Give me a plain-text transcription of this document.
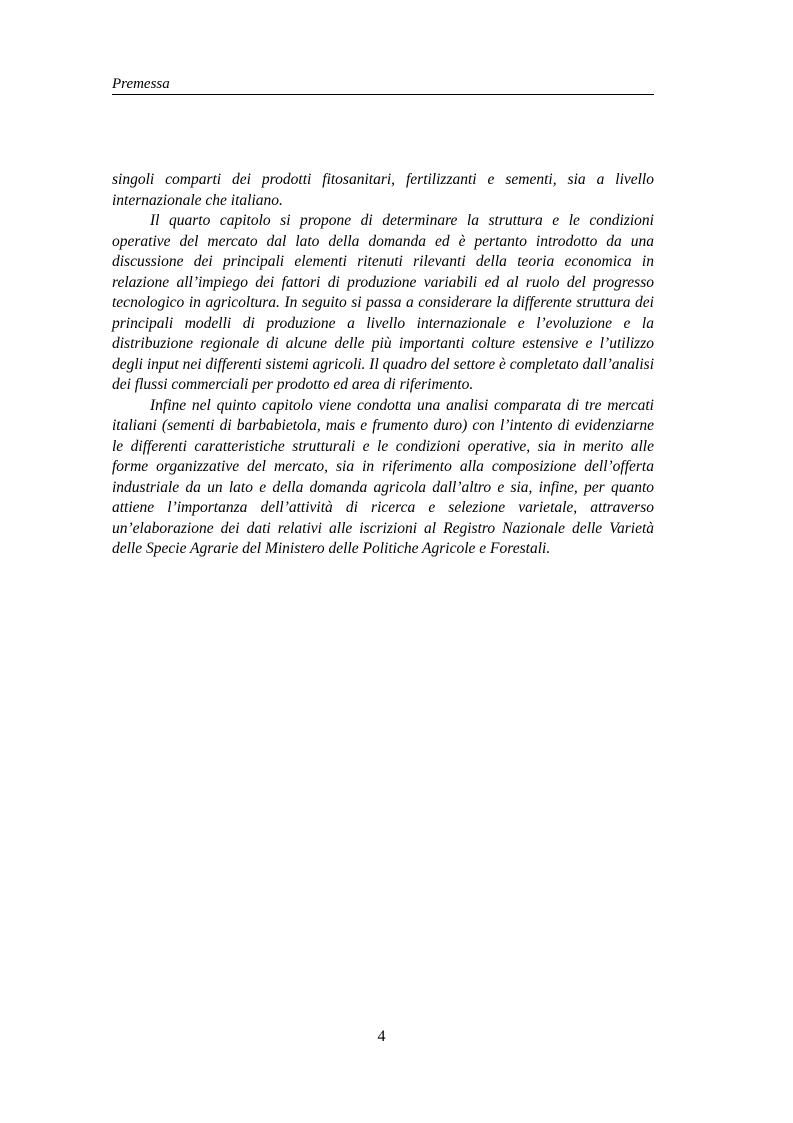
Premessa

singoli comparti dei prodotti fitosanitari, fertilizzanti e sementi, sia a livello internazionale che italiano.

Il quarto capitolo si propone di determinare la struttura e le condizioni operative del mercato dal lato della domanda ed è pertanto introdotto da una discussione dei principali elementi ritenuti rilevanti della teoria economica in relazione all’impiego dei fattori di produzione variabili ed al ruolo del progresso tecnologico in agricoltura. In seguito si passa a considerare la differente struttura dei principali modelli di produzione a livello internazionale e l’evoluzione e la distribuzione regionale di alcune delle più importanti colture estensive e l’utilizzo degli input nei differenti sistemi agricoli. Il quadro del settore è completato dall’analisi dei flussi commerciali per prodotto ed area di riferimento.

Infine nel quinto capitolo viene condotta una analisi comparata di tre mercati italiani (sementi di barbabietola, mais e frumento duro) con l’intento di evidenziarne le differenti caratteristiche strutturali e le condizioni operative, sia in merito alle forme organizzative del mercato, sia in riferimento alla composizione dell’offerta industriale da un lato e della domanda agricola dall’altro e sia, infine, per quanto attiene l’importanza dell’attività di ricerca e selezione varietale, attraverso un’elaborazione dei dati relativi alle iscrizioni al Registro Nazionale delle Varietà delle Specie Agrarie del Ministero delle Politiche Agricole e Forestali.

4
